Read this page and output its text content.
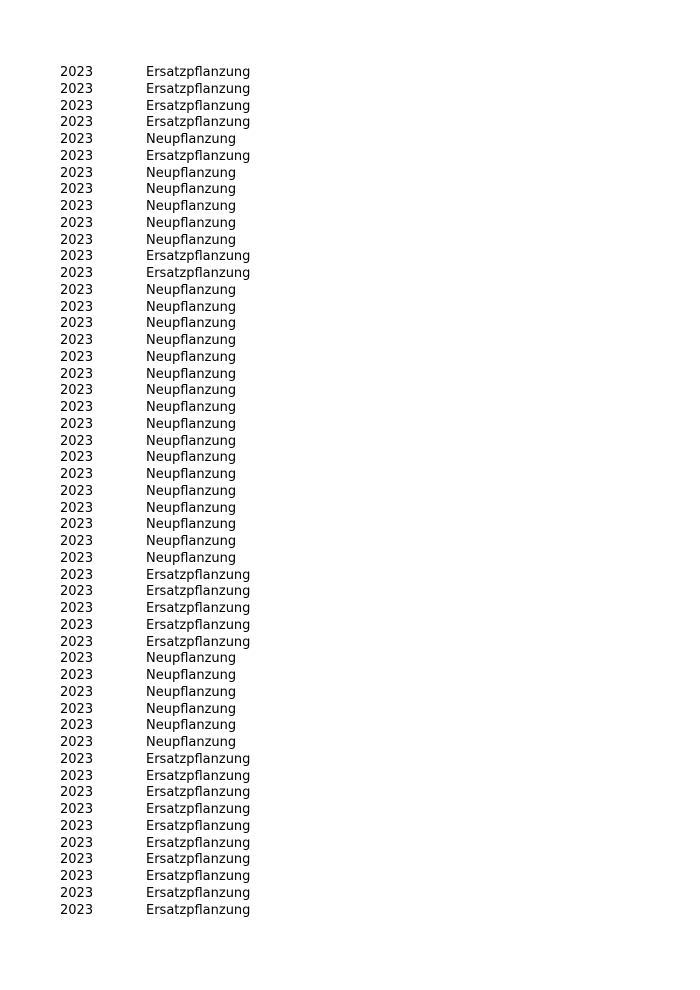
2023	Ersatzpflanzung
2023	Ersatzpflanzung
2023	Ersatzpflanzung
2023	Ersatzpflanzung
2023	Neupflanzung
2023	Ersatzpflanzung
2023	Neupflanzung
2023	Neupflanzung
2023	Neupflanzung
2023	Neupflanzung
2023	Neupflanzung
2023	Ersatzpflanzung
2023	Ersatzpflanzung
2023	Neupflanzung
2023	Neupflanzung
2023	Neupflanzung
2023	Neupflanzung
2023	Neupflanzung
2023	Neupflanzung
2023	Neupflanzung
2023	Neupflanzung
2023	Neupflanzung
2023	Neupflanzung
2023	Neupflanzung
2023	Neupflanzung
2023	Neupflanzung
2023	Neupflanzung
2023	Neupflanzung
2023	Neupflanzung
2023	Neupflanzung
2023	Ersatzpflanzung
2023	Ersatzpflanzung
2023	Ersatzpflanzung
2023	Ersatzpflanzung
2023	Ersatzpflanzung
2023	Neupflanzung
2023	Neupflanzung
2023	Neupflanzung
2023	Neupflanzung
2023	Neupflanzung
2023	Neupflanzung
2023	Ersatzpflanzung
2023	Ersatzpflanzung
2023	Ersatzpflanzung
2023	Ersatzpflanzung
2023	Ersatzpflanzung
2023	Ersatzpflanzung
2023	Ersatzpflanzung
2023	Ersatzpflanzung
2023	Ersatzpflanzung
2023	Ersatzpflanzung
